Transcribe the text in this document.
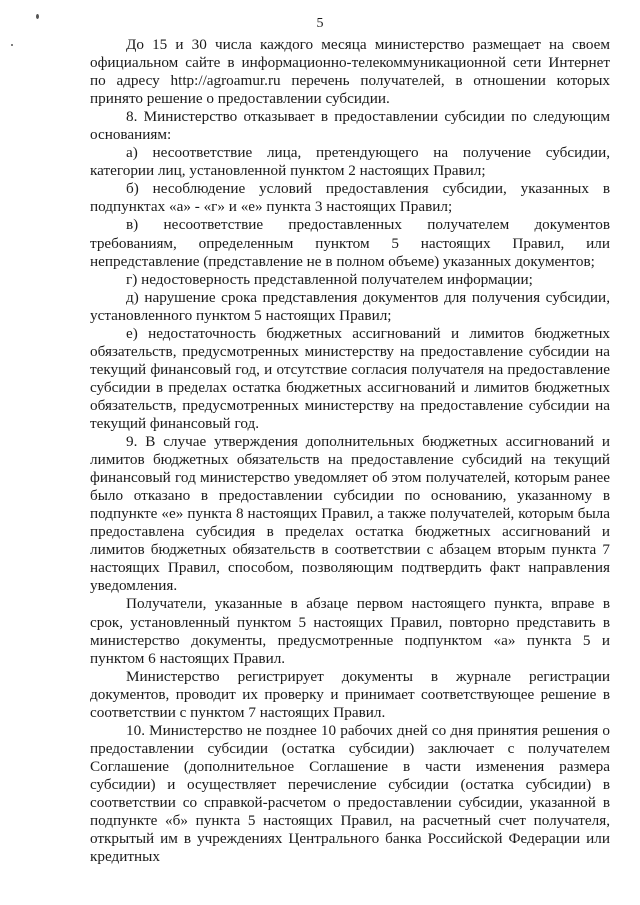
5

До 15 и 30 числа каждого месяца министерство размещает на своем официальном сайте в информационно-телекоммуникационной сети Интернет по адресу http://agroamur.ru перечень получателей, в отношении которых принято решение о предоставлении субсидии.

8. Министерство отказывает в предоставлении субсидии по следующим основаниям:

а) несоответствие лица, претендующего на получение субсидии, категории лиц, установленной пунктом 2 настоящих Правил;

б) несоблюдение условий предоставления субсидии, указанных в подпунктах «а» - «г» и «е» пункта 3 настоящих Правил;

в) несоответствие предоставленных получателем документов требованиям, определенным пунктом 5 настоящих Правил, или непредставление (представление не в полном объеме) указанных документов;

г) недостоверность представленной получателем информации;

д) нарушение срока представления документов для получения субсидии, установленного пунктом 5 настоящих Правил;

е) недостаточность бюджетных ассигнований и лимитов бюджетных обязательств, предусмотренных министерству на предоставление субсидии на текущий финансовый год, и отсутствие согласия получателя на предоставление субсидии в пределах остатка бюджетных ассигнований и лимитов бюджетных обязательств, предусмотренных министерству на предоставление субсидии на текущий финансовый год.

9. В случае утверждения дополнительных бюджетных ассигнований и лимитов бюджетных обязательств на предоставление субсидий на текущий финансовый год министерство уведомляет об этом получателей, которым ранее было отказано в предоставлении субсидии по основанию, указанному в подпункте «е» пункта 8 настоящих Правил, а также получателей, которым была предоставлена субсидия в пределах остатка бюджетных ассигнований и лимитов бюджетных обязательств в соответствии с абзацем вторым пункта 7 настоящих Правил, способом, позволяющим подтвердить факт направления уведомления.

Получатели, указанные в абзаце первом настоящего пункта, вправе в срок, установленный пунктом 5 настоящих Правил, повторно представить в министерство документы, предусмотренные подпунктом «а» пункта 5 и пунктом 6 настоящих Правил.

Министерство регистрирует документы в журнале регистрации документов, проводит их проверку и принимает соответствующее решение в соответствии с пунктом 7 настоящих Правил.

10. Министерство не позднее 10 рабочих дней со дня принятия решения о предоставлении субсидии (остатка субсидии) заключает с получателем Соглашение (дополнительное Соглашение в части изменения размера субсидии) и осуществляет перечисление субсидии (остатка субсидии) в соответствии со справкой-расчетом о предоставлении субсидии, указанной в подпункте «б» пункта 5 настоящих Правил, на расчетный счет получателя, открытый им в учреждениях Центрального банка Российской Федерации или кредитных
